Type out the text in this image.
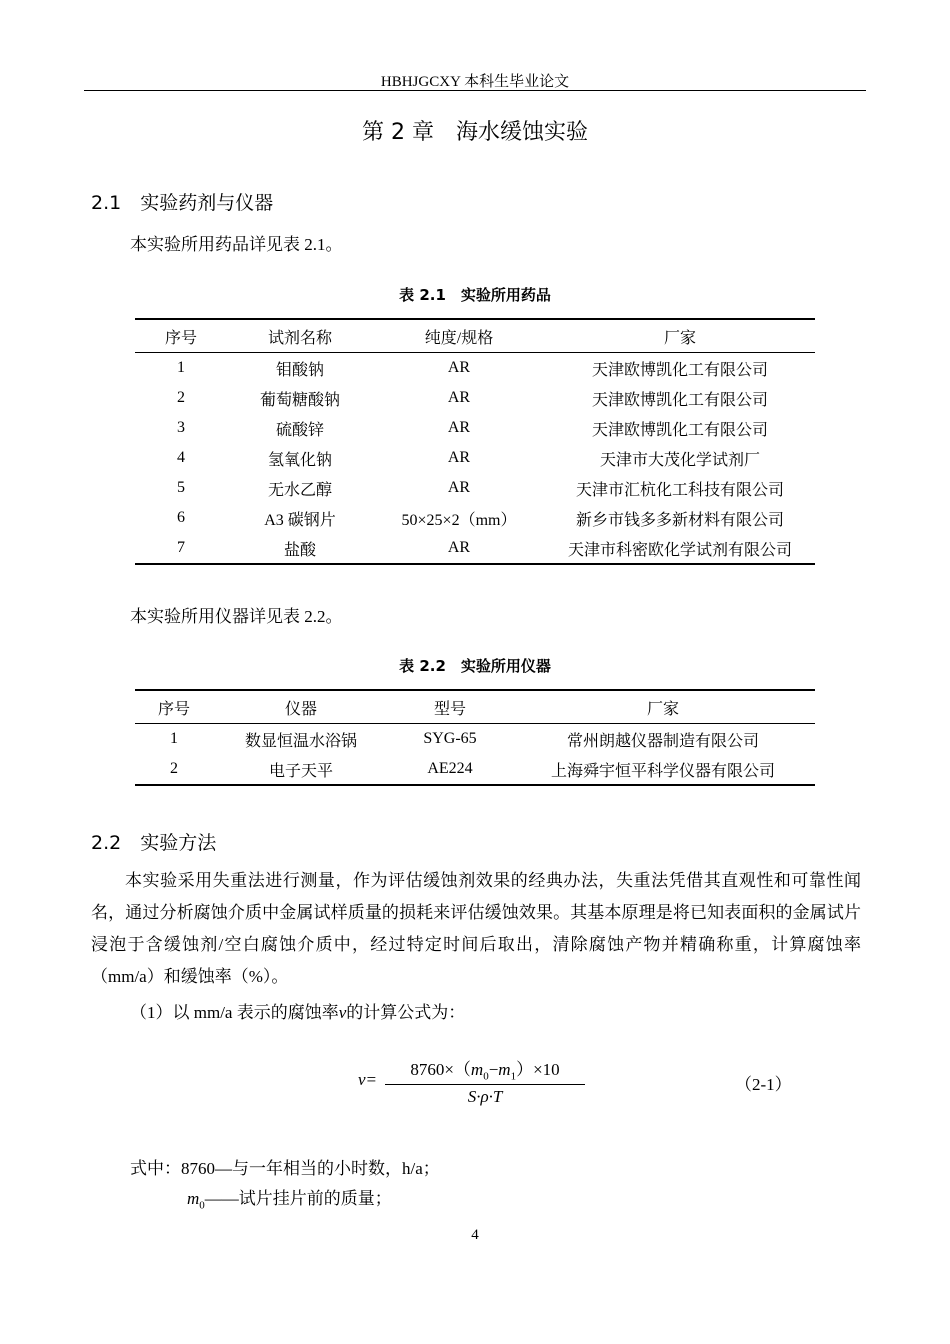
HBHJGCXY 本科生毕业论文
第 2 章　海水缓蚀实验
2.1　实验药剂与仪器
本实验所用药品详见表 2.1。
表 2.1　实验所用药品
序号	试剂名称	纯度/规格	厂家
1	钼酸钠	AR	天津欧博凯化工有限公司
2	葡萄糖酸钠	AR	天津欧博凯化工有限公司
3	硫酸锌	AR	天津欧博凯化工有限公司
4	氢氧化钠	AR	天津市大茂化学试剂厂
5	无水乙醇	AR	天津市汇杭化工科技有限公司
6	A3 碳钢片	50×25×2（mm）	新乡市钱多多新材料有限公司
7	盐酸	AR	天津市科密欧化学试剂有限公司
本实验所用仪器详见表 2.2。
表 2.2　实验所用仪器
序号	仪器	型号	厂家
1	数显恒温水浴锅	SYG-65	常州朗越仪器制造有限公司
2	电子天平	AE224	上海舜宇恒平科学仪器有限公司
2.2　实验方法
本实验采用失重法进行测量，作为评估缓蚀剂效果的经典办法，失重法凭借其直观性和可靠性闻名，通过分析腐蚀介质中金属试样质量的损耗来评估缓蚀效果。其基本原理是将已知表面积的金属试片浸泡于含缓蚀剂/空白腐蚀介质中，经过特定时间后取出，清除腐蚀产物并精确称重，计算腐蚀率（mm/a）和缓蚀率（%）。
（1）以 mm/a 表示的腐蚀率v的计算公式为：
$v= \frac{8760\times(m_0-m_1)\times 10}{S\cdot\rho\cdot T}$	（2-1）
式中：8760—与一年相当的小时数，h/a；
$m_0——$试片挂片前的质量；
4
